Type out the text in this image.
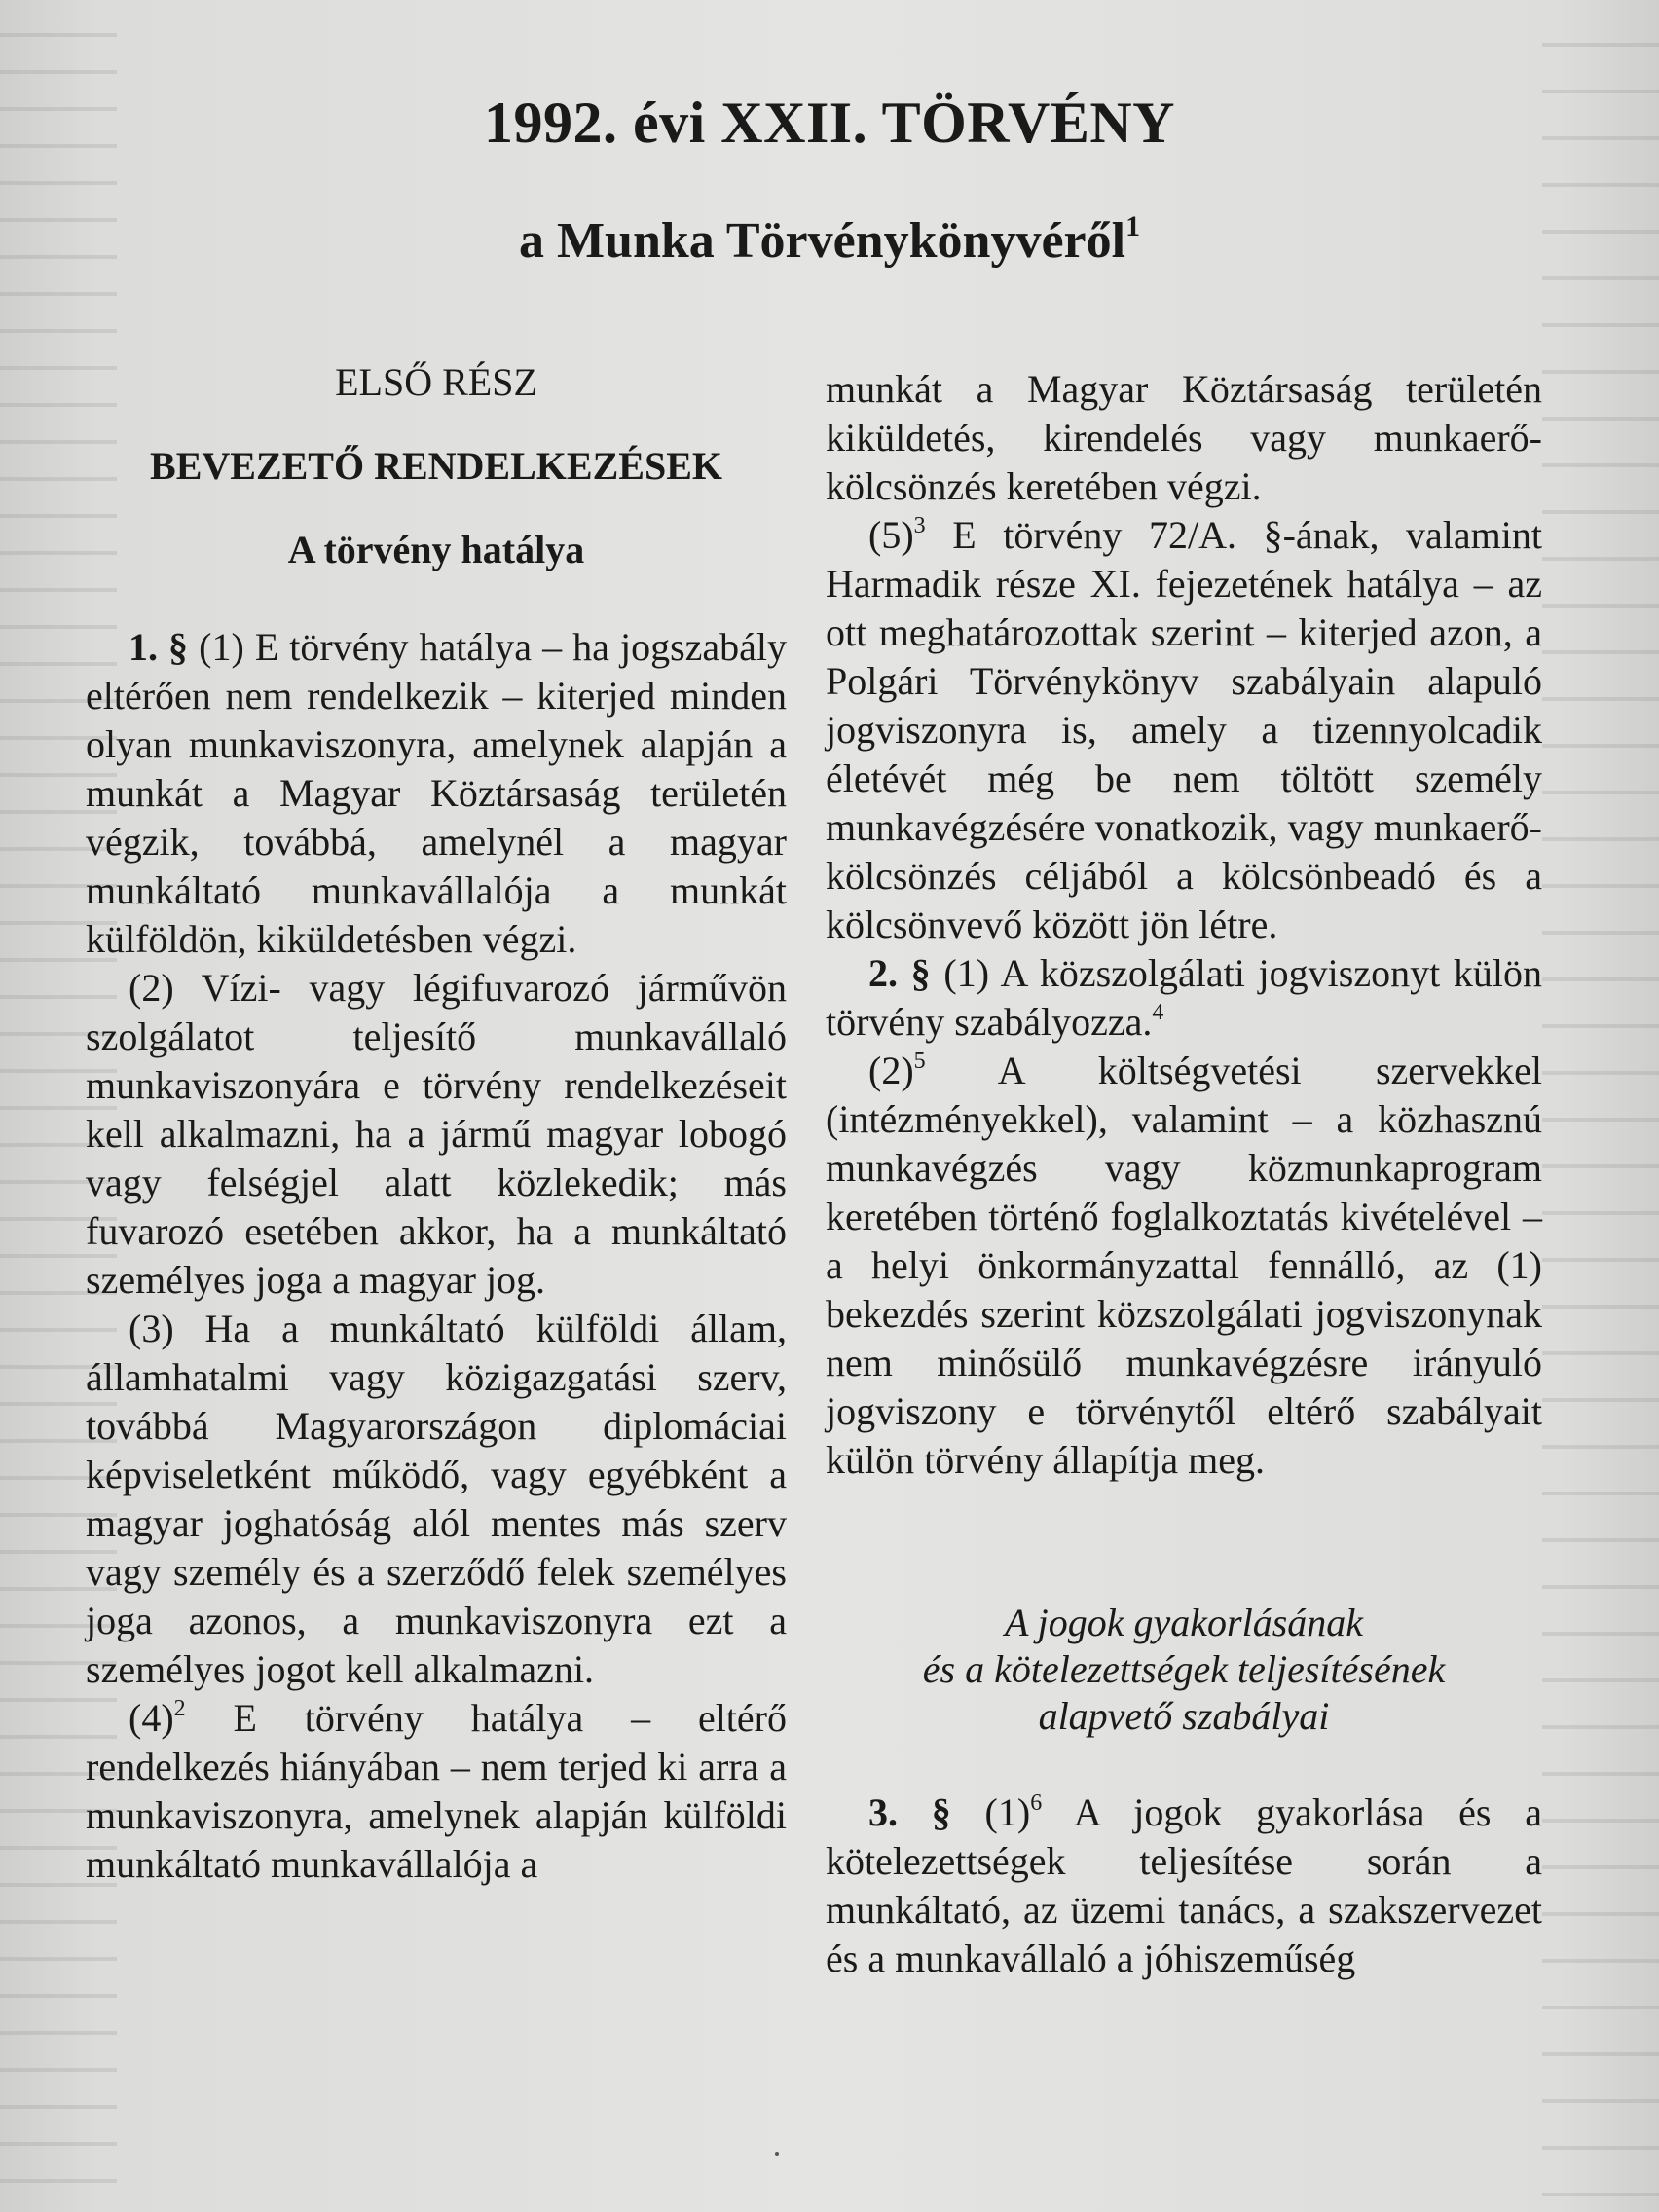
1992. évi XXII. TÖRVÉNY
a Munka Törvénykönyvéről$^1$
ELSŐ RÉSZ
BEVEZETŐ RENDELKEZÉSEK
A törvény hatálya

1. § (1) E törvény hatálya – ha jogszabály eltérően nem rendelkezik – kiterjed minden olyan munkaviszonyra, amelynek alapján a munkát a Magyar Köztársaság területén végzik, továbbá, amelynél a magyar munkáltató munkavállalója a munkát külföldön, kiküldetésben végzi.

(2) Vízi- vagy légifuvarozó járművön szolgálatot teljesítő munkavállaló munkaviszonyára e törvény rendelkezéseit kell alkalmazni, ha a jármű magyar lobogó vagy felségjel alatt közlekedik; más fuvarozó esetében akkor, ha a munkáltató személyes joga a magyar jog.

(3) Ha a munkáltató külföldi állam, államhatalmi vagy közigazgatási szerv, továbbá Magyarországon diplomáciai képviseletként működő, vagy egyébként a magyar joghatóság alól mentes más szerv vagy személy és a szerződő felek személyes joga azonos, a munkaviszonyra ezt a személyes jogot kell alkalmazni.

$(4)^2$ E törvény hatálya – eltérő rendelkezés hiányában – nem terjed ki arra a munkaviszonyra, amelynek alapján külföldi munkáltató munkavállalója a

munkát a Magyar Köztársaság területén kiküldetés, kirendelés vagy munkaerő-kölcsönzés keretében végzi.

$(5)^3$ E törvény 72/A. §-ának, valamint Harmadik része XI. fejezetének hatálya – az ott meghatározottak szerint – kiterjed azon, a Polgári Törvénykönyv szabályain alapuló jogviszonyra is, amely a tizennyolcadik életévét még be nem töltött személy munkavégzésére vonatkozik, vagy munkaerő-kölcsönzés céljából a kölcsönbeadó és a kölcsönvevő között jön létre.

2. § (1) A közszolgálati jogviszonyt külön törvény szabályozza.$^4$

$(2)^5$ A költségvetési szervekkel (intézményekkel), valamint – a közhasznú munkavégzés vagy közmunkaprogram keretében történő foglalkoztatás kivételével – a helyi önkormányzattal fennálló, az (1) bekezdés szerint közszolgálati jogviszonynak nem minősülő munkavégzésre irányuló jogviszony e törvénytől eltérő szabályait külön törvény állapítja meg.

A jogok gyakorlásának
és a kötelezettségek teljesítésének
alapvető szabályai

3. § $(1)^6$ A jogok gyakorlása és a kötelezettségek teljesítése során a munkáltató, az üzemi tanács, a szakszervezet és a munkavállaló a jóhiszeműség
